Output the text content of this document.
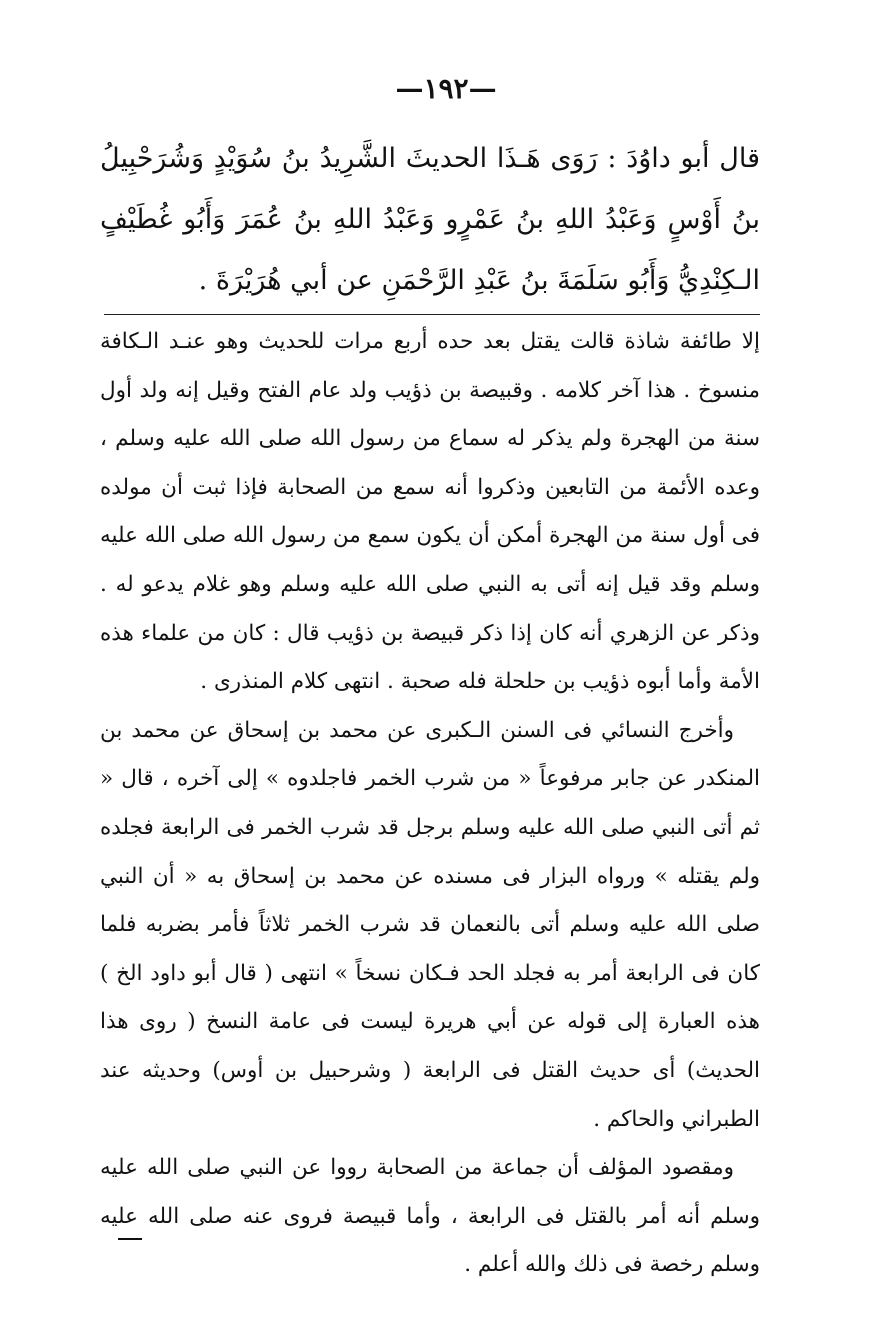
—١٩٢—
قال أبو داوُدَ : رَوَى هَـذَا الحديثَ الشَّرِيدُ بنُ سُوَيْدٍ وَشُرَحْبِيلُ بنُ أَوْسٍ وَعَبْدُ اللهِ بنُ عَمْرٍو وَعَبْدُ اللهِ بنُ عُمَرَ وَأَبُو غُطَيْفٍ الـكِنْدِيُّ وَأَبُو سَلَمَةَ بنُ عَبْدِ الرَّحْمَنِ عن أبي هُرَيْرَةَ .

إلا طائفة شاذة قالت يقتل بعد حده أربع مرات للحديث وهو عنـد الـكافة منسوخ . هذا آخر كلامه . وقبيصة بن ذؤيب ولد عام الفتح وقيل إنه ولد أول سنة من الهجرة ولم يذكر له سماع من رسول الله صلى الله عليه وسلم ، وعده الأئمة من التابعين وذكروا أنه سمع من الصحابة فإذا ثبت أن مولده فى أول سنة من الهجرة أمكن أن يكون سمع من رسول الله صلى الله عليه وسلم وقد قيل إنه أتى به النبي صلى الله عليه وسلم وهو غلام يدعو له . وذكر عن الزهري أنه كان إذا ذكر قبيصة بن ذؤيب قال : كان من علماء هذه الأمة وأما أبوه ذؤيب بن حلحلة فله صحبة . انتهى كلام المنذرى .

وأخرج النسائي فى السنن الـكبرى عن محمد بن إسحاق عن محمد بن المنكدر عن جابر مرفوعاً « من شرب الخمر فاجلدوه » إلى آخره ، قال « ثم أتى النبي صلى الله عليه وسلم برجل قد شرب الخمر فى الرابعة فجلده ولم يقتله » ورواه البزار فى مسنده عن محمد بن إسحاق به « أن النبي صلى الله عليه وسلم أتى بالنعمان قد شرب الخمر ثلاثاً فأمر بضربه فلما كان فى الرابعة أمر به فجلد الحد فـكان نسخاً » انتهى ( قال أبو داود الخ ) هذه العبارة إلى قوله عن أبي هريرة ليست فى عامة النسخ ( روى هذا الحديث) أى حديث القتل فى الرابعة ( وشرحبيل بن أوس) وحديثه عند الطبراني والحاكم .

ومقصود المؤلف أن جماعة من الصحابة رووا عن النبي صلى الله عليه وسلم أنه أمر بالقتل فى الرابعة ، وأما قبيصة فروى عنه صلى الله عليه وسلم رخصة فى ذلك والله أعلم .
